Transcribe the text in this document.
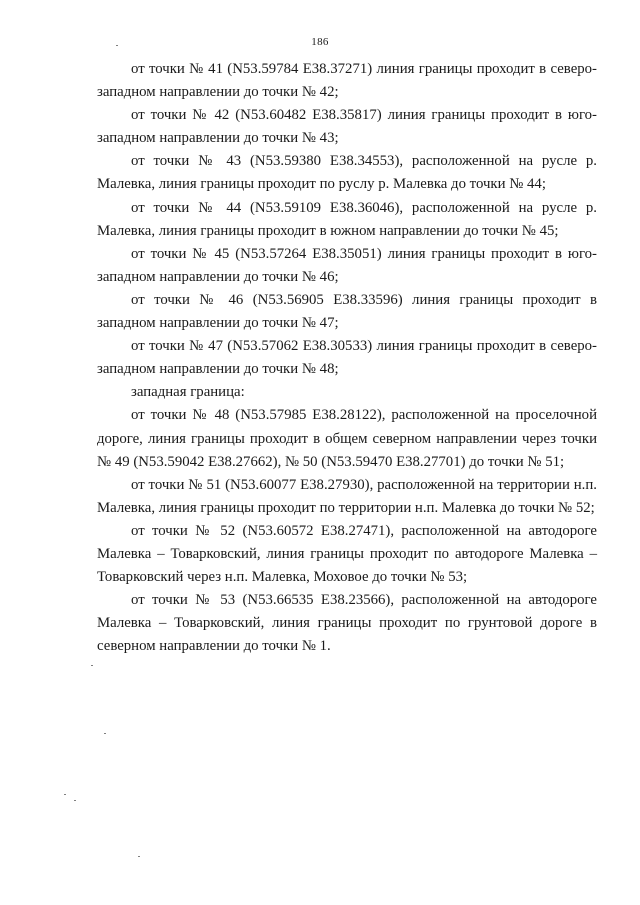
186

от точки № 41 (N53.59784 E38.37271) линия границы проходит в северо-западном направлении до точки № 42;

от точки № 42 (N53.60482 E38.35817) линия границы проходит в юго-западном направлении до точки № 43;

от точки № 43 (N53.59380 E38.34553), расположенной на русле р. Малевка, линия границы проходит по руслу р. Малевка до точки № 44;

от точки № 44 (N53.59109 E38.36046), расположенной на русле р. Малевка, линия границы проходит в южном направлении до точки № 45;

от точки № 45 (N53.57264 E38.35051) линия границы проходит в юго-западном направлении до точки № 46;

от точки № 46 (N53.56905 E38.33596) линия границы проходит в западном направлении до точки № 47;

от точки № 47 (N53.57062 E38.30533) линия границы проходит в северо-западном направлении до точки № 48;

западная граница:

от точки № 48 (N53.57985 E38.28122), расположенной на проселочной дороге, линия границы проходит в общем северном направлении через точки № 49 (N53.59042 E38.27662), № 50 (N53.59470 E38.27701) до точки № 51;

от точки № 51 (N53.60077 E38.27930), расположенной на территории н.п. Малевка, линия границы проходит по территории н.п. Малевка до точки № 52;

от точки № 52 (N53.60572 E38.27471), расположенной на автодороге Малевка – Товарковский, линия границы проходит по автодороге Малевка – Товарковский через н.п. Малевка, Моховое до точки № 53;

от точки № 53 (N53.66535 E38.23566), расположенной на автодороге Малевка – Товарковский, линия границы проходит по грунтовой дороге в северном направлении до точки № 1.
